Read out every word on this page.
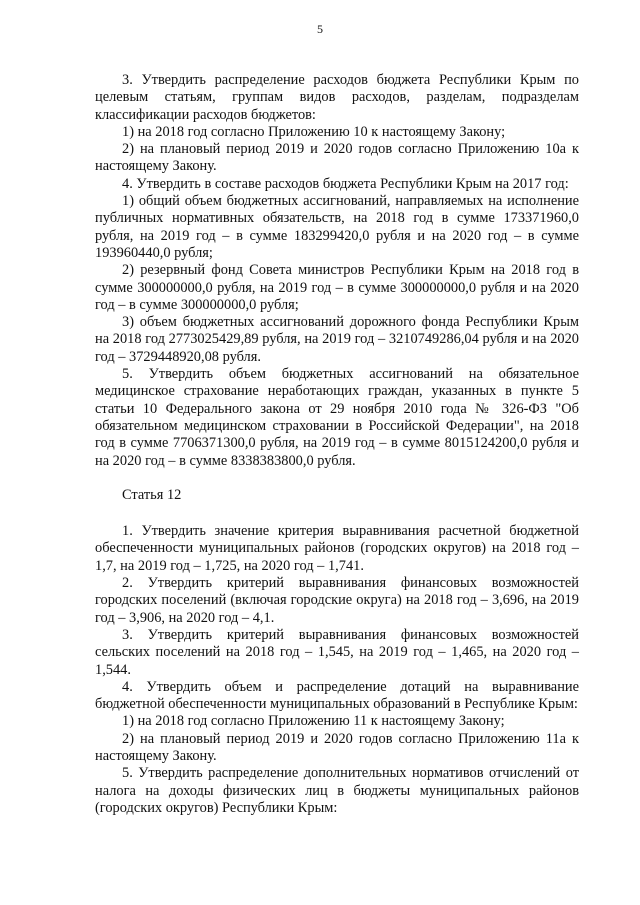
5

3. Утвердить распределение расходов бюджета Республики Крым по целевым статьям, группам видов расходов, разделам, подразделам классификации расходов бюджетов:

1) на 2018 год согласно Приложению 10 к настоящему Закону;

2) на плановый период 2019 и 2020 годов согласно Приложению 10а к настоящему Закону.

4. Утвердить в составе расходов бюджета Республики Крым на 2017 год:

1) общий объем бюджетных ассигнований, направляемых на исполнение публичных нормативных обязательств, на 2018 год в сумме 173371960,0 рубля, на 2019 год – в сумме 183299420,0 рубля и на 2020 год – в сумме 193960440,0 рубля;

2) резервный фонд Совета министров Республики Крым на 2018 год в сумме 300000000,0 рубля, на 2019 год – в сумме 300000000,0 рубля и на 2020 год – в сумме 300000000,0 рубля;

3) объем бюджетных ассигнований дорожного фонда Республики Крым на 2018 год 2773025429,89 рубля, на 2019 год – 3210749286,04 рубля и на 2020 год – 3729448920,08 рубля.

5. Утвердить объем бюджетных ассигнований на обязательное медицинское страхование неработающих граждан, указанных в пункте 5 статьи 10 Федерального закона от 29 ноября 2010 года № 326-ФЗ "Об обязательном медицинском страховании в Российской Федерации", на 2018 год в сумме 7706371300,0 рубля, на 2019 год – в сумме 8015124200,0 рубля и на 2020 год – в сумме 8338383800,0 рубля.

Статья 12

1. Утвердить значение критерия выравнивания расчетной бюджетной обеспеченности муниципальных районов (городских округов) на 2018 год – 1,7, на 2019 год – 1,725, на 2020 год – 1,741.

2. Утвердить критерий выравнивания финансовых возможностей городских поселений (включая городские округа) на 2018 год – 3,696, на 2019 год – 3,906, на 2020 год – 4,1.

3. Утвердить критерий выравнивания финансовых возможностей сельских поселений на 2018 год – 1,545, на 2019 год – 1,465, на 2020 год – 1,544.

4. Утвердить объем и распределение дотаций на выравнивание бюджетной обеспеченности муниципальных образований в Республике Крым:

1) на 2018 год согласно Приложению 11 к настоящему Закону;

2) на плановый период 2019 и 2020 годов согласно Приложению 11а к настоящему Закону.

5. Утвердить распределение дополнительных нормативов отчислений от налога на доходы физических лиц в бюджеты муниципальных районов (городских округов) Республики Крым:
